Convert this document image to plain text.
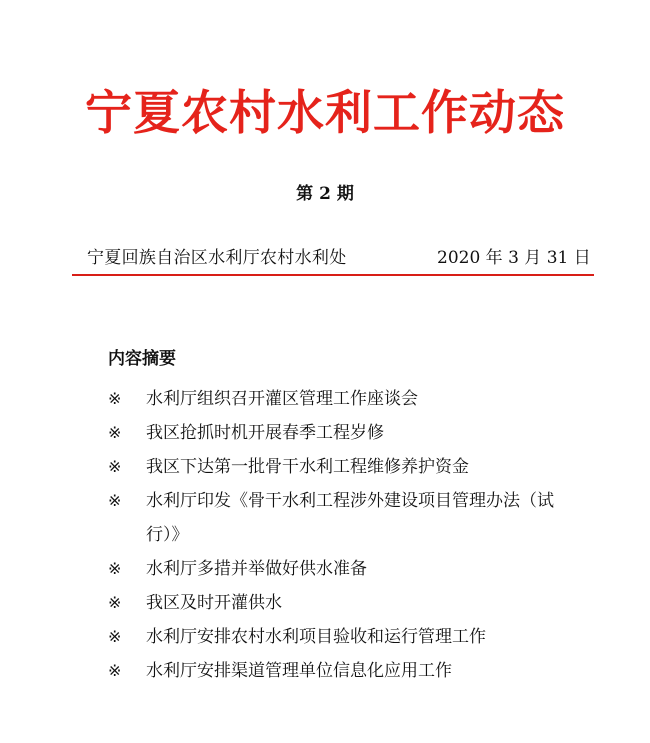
宁夏农村水利工作动态
第 2 期
宁夏回族自治区水利厅农村水利处	2020 年 3 月 31 日
内容摘要
※ 水利厅组织召开灌区管理工作座谈会
※ 我区抢抓时机开展春季工程岁修
※ 我区下达第一批骨干水利工程维修养护资金
※ 水利厅印发《骨干水利工程涉外建设项目管理办法（试行）》
※ 水利厅多措并举做好供水准备
※ 我区及时开灌供水
※ 水利厅安排农村水利项目验收和运行管理工作
※ 水利厅安排渠道管理单位信息化应用工作
